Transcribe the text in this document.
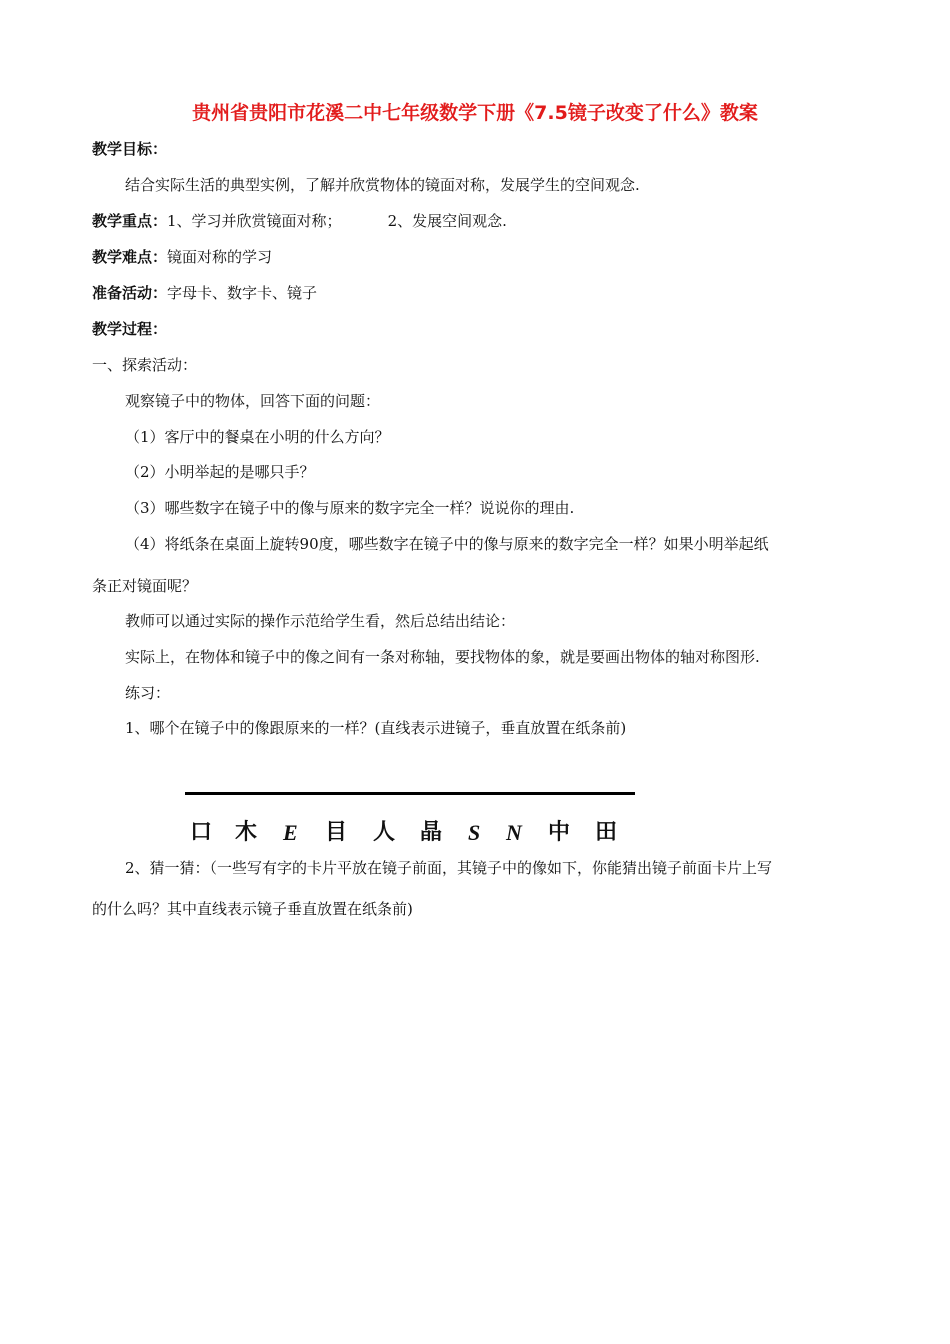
贵州省贵阳市花溪二中七年级数学下册《7.5镜子改变了什么》教案
教学目标：
结合实际生活的典型实例，了解并欣赏物体的镜面对称，发展学生的空间观念.
教学重点：1、学习并欣赏镜面对称；	2、发展空间观念.
教学难点：镜面对称的学习
准备活动：字母卡、数字卡、镜子
教学过程：
一、探索活动：
观察镜子中的物体，回答下面的问题：
（1）客厅中的餐桌在小明的什么方向？
（2）小明举起的是哪只手？
（3）哪些数字在镜子中的像与原来的数字完全一样？说说你的理由.
（4）将纸条在桌面上旋转90度，哪些数字在镜子中的像与原来的数字完全一样？如果小明举起纸
条正对镜面呢？
教师可以通过实际的操作示范给学生看，然后总结出结论：
实际上，在物体和镜子中的像之间有一条对称轴，要找物体的象，就是要画出物体的轴对称图形.
练习：
1、哪个在镜子中的像跟原来的一样？(直线表示进镜子，垂直放置在纸条前)
口 木 E 目 人 晶 S N 中 田
2、猜一猜：（一些写有字的卡片平放在镜子前面，其镜子中的像如下，你能猜出镜子前面卡片上写
的什么吗？其中直线表示镜子垂直放置在纸条前)
